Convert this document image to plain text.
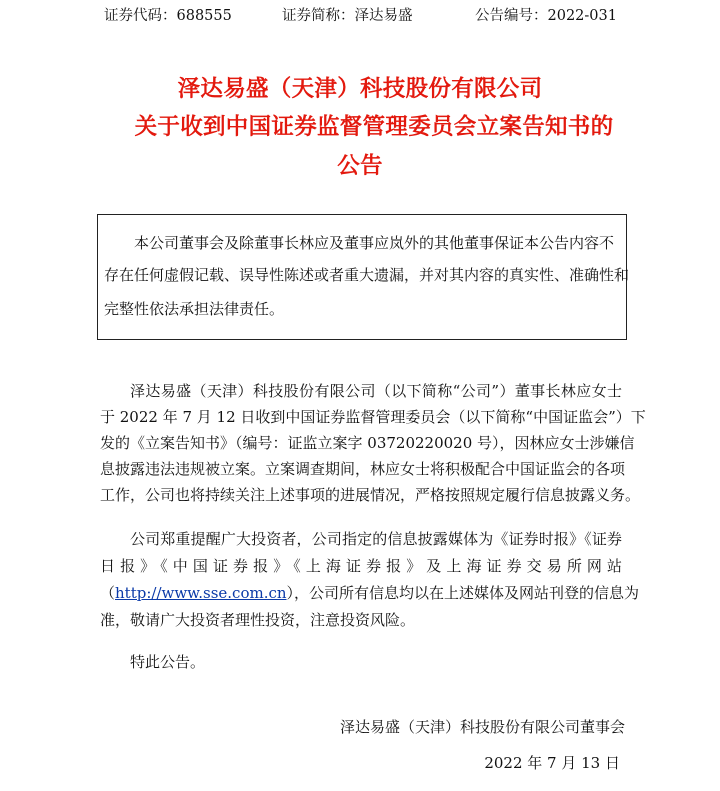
证券代码：688555	证券简称：泽达易盛	公告编号：2022-031
泽达易盛（天津）科技股份有限公司
关于收到中国证券监督管理委员会立案告知书的
公告
本公司董事会及除董事长林应及董事应岚外的其他董事保证本公告内容不
存在任何虚假记载、误导性陈述或者重大遗漏，并对其内容的真实性、准确性和
完整性依法承担法律责任。
泽达易盛（天津）科技股份有限公司（以下简称“公司”）董事长林应女士
于 2022 年 7 月 12 日收到中国证券监督管理委员会（以下简称“中国证监会”）下
发的《立案告知书》（编号：证监立案字 03720220020 号），因林应女士涉嫌信
息披露违法违规被立案。立案调查期间，林应女士将积极配合中国证监会的各项
工作，公司也将持续关注上述事项的进展情况，严格按照规定履行信息披露义务。
公司郑重提醒广大投资者，公司指定的信息披露媒体为《证券时报》《证券
日报》《中国证券报》《上海证券报》及上海证券交易所网站
（http://www.sse.com.cn），公司所有信息均以在上述媒体及网站刊登的信息为
准，敬请广大投资者理性投资，注意投资风险。
特此公告。
泽达易盛（天津）科技股份有限公司董事会
2022 年 7 月 13 日
